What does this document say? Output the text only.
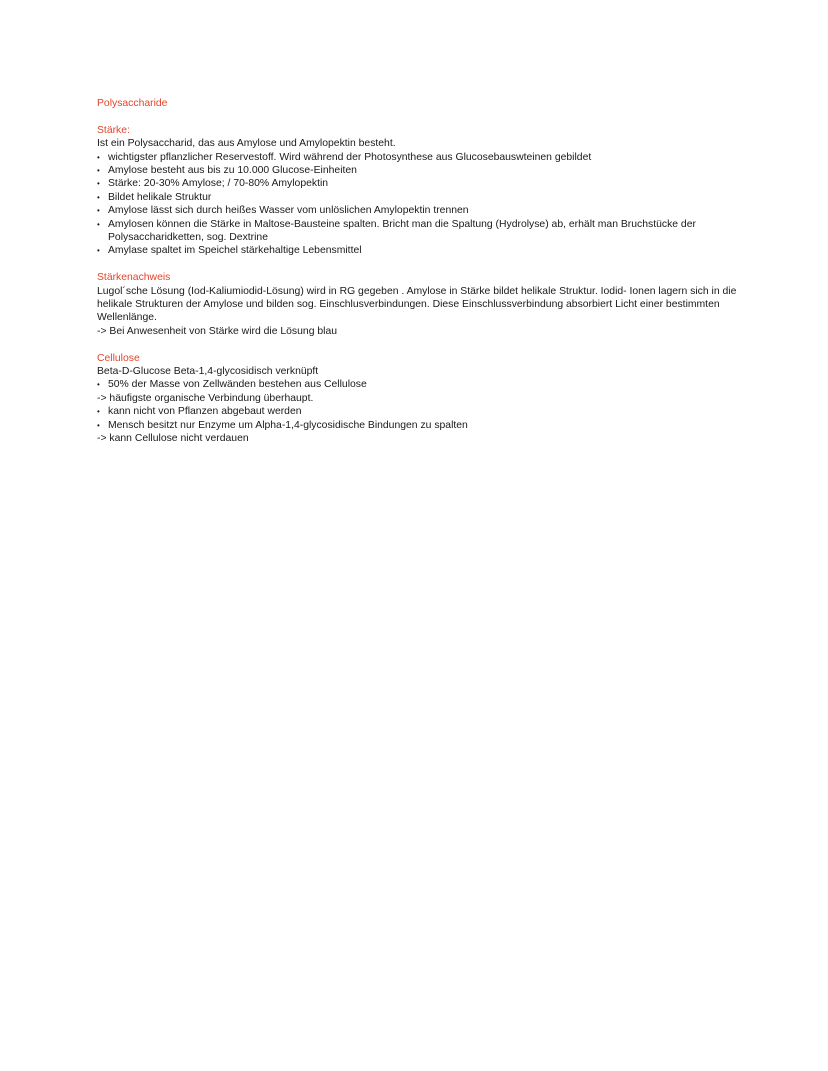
Polysaccharide
Stärke:
Ist ein Polysaccharid, das aus Amylose und Amylopektin besteht.
• wichtigster pflanzlicher Reservestoff. Wird während der Photosynthese aus Glucosebauswteinen gebildet
• Amylose besteht aus bis zu 10.000 Glucose-Einheiten
• Stärke: 20-30% Amylose; / 70-80% Amylopektin
• Bildet helikale Struktur
• Amylose lässt sich durch heißes Wasser vom unlöslichen Amylopektin trennen
• Amylosen können die Stärke in Maltose-Bausteine spalten. Bricht man die Spaltung (Hydrolyse) ab, erhält man Bruchstücke der Polysaccharidketten, sog. Dextrine
• Amylase spaltet im Speichel stärkehaltige Lebensmittel
Stärkenachweis
Lugol´sche Lösung (Iod-Kaliumiodid-Lösung) wird in RG gegeben . Amylose in Stärke bildet helikale Struktur. Iodid- Ionen lagern sich in die helikale Strukturen der Amylose und bilden sog. Einschlusverbindungen. Diese Einschlussverbindung absorbiert Licht einer bestimmten Wellenlänge.
-> Bei Anwesenheit von Stärke wird die Lösung blau
Cellulose
Beta-D-Glucose Beta-1,4-glycosidisch verknüpft
• 50% der Masse von Zellwänden bestehen aus Cellulose
-> häufigste organische Verbindung überhaupt.
• kann nicht von Pflanzen abgebaut werden
• Mensch besitzt nur Enzyme um Alpha-1,4-glycosidische Bindungen zu spalten
-> kann Cellulose nicht verdauen
